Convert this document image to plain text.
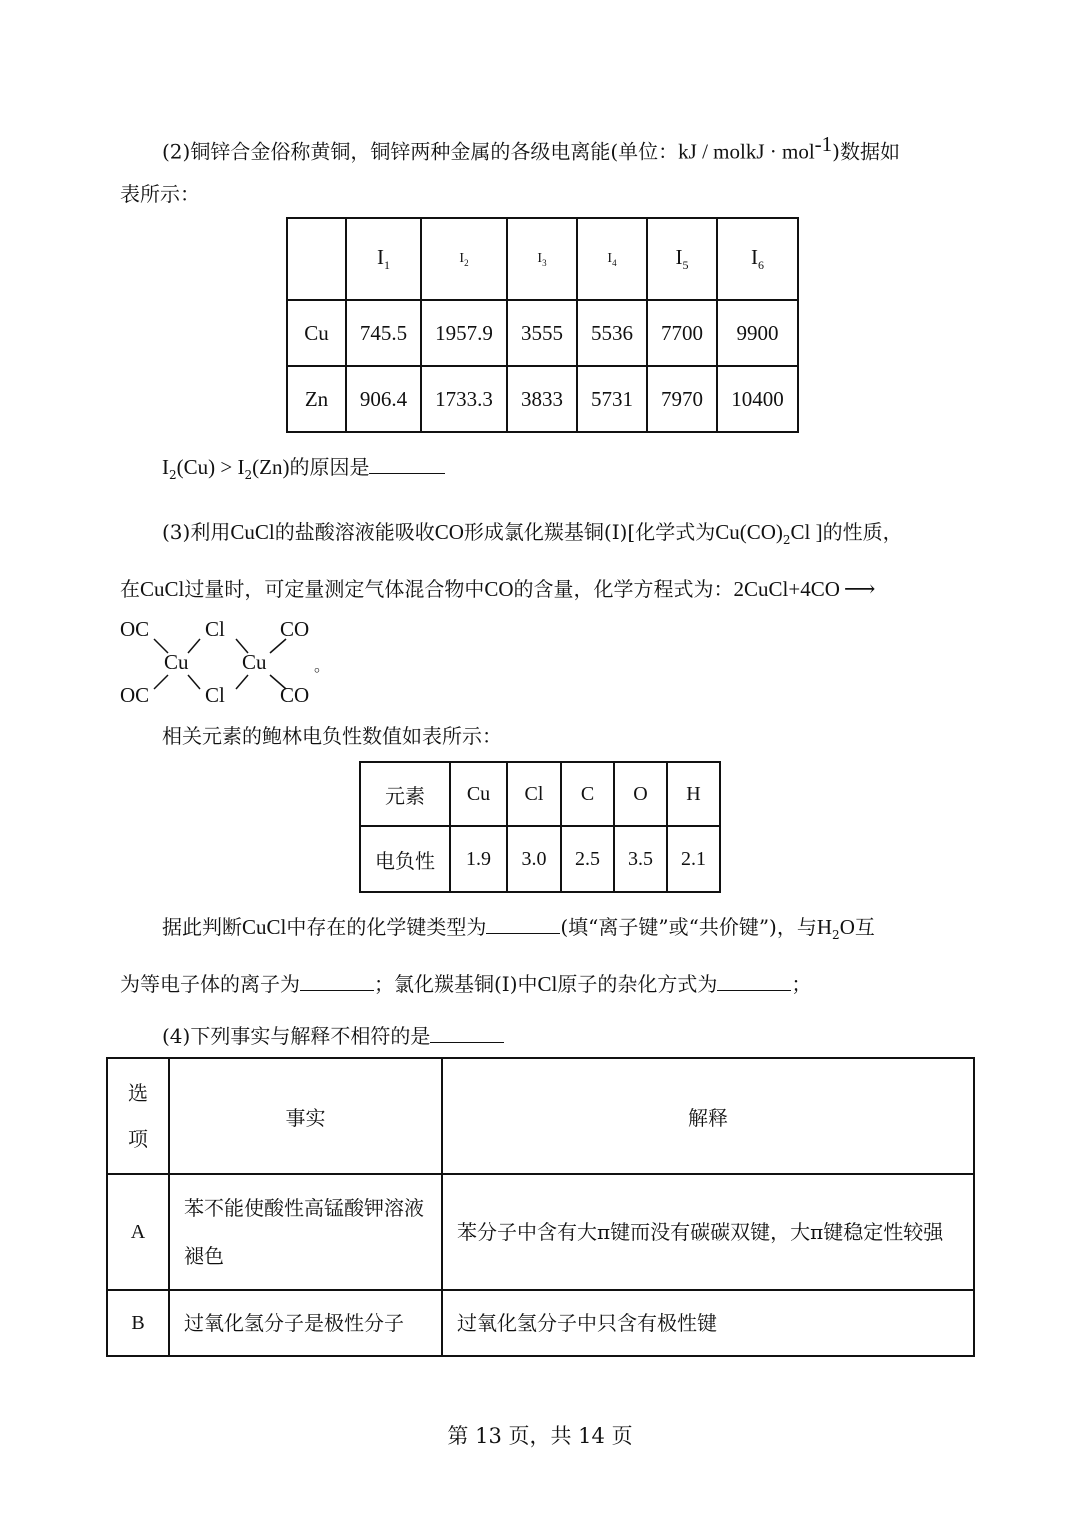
(2)铜锌合金俗称黄铜，铜锌两种金属的各级电离能(单位：kJ / molkJ · mol$^{-1}$)数据如
表所示：
	$I_1$	$I_2$	$I_3$	$I_4$	$I_5$	$I_6$
Cu	745.5	1957.9	3555	5536	7700	9900
Zn	906.4	1733.3	3833	5731	7970	10400
$I_2(Cu) > I_2(Zn)$的原因是
(3)利用CuCl的盐酸溶液能吸收CO形成氯化羰基铜(I)[化学式为$Cu(CO)_2Cl$ ]的性质，
在CuCl过量时，可定量测定气体混合物中CO的含量，化学方程式为：2CuCl+4CO ⟶
OC	Cl	CO
Cu	Cu
OC	Cl	CO
。
相关元素的鲍林电负性数值如表所示：
元素	Cu	Cl	C	O	H
电负性	1.9	3.0	2.5	3.5	2.1
据此判断CuCl中存在的化学键类型为	(填“离子键”或“共价键”)，与$H_2O$互
为等电子体的离子为	；氯化羰基铜(I)中Cl原子的杂化方式为	；
(4)下列事实与解释不相符的是
选
项	事实	解释
A	苯不能使酸性高锰酸钾溶液褪色	苯分子中含有大π键而没有碳碳双键，大π键稳定性较强
B	过氧化氢分子是极性分子	过氧化氢分子中只含有极性键
第 13 页，共 14 页
